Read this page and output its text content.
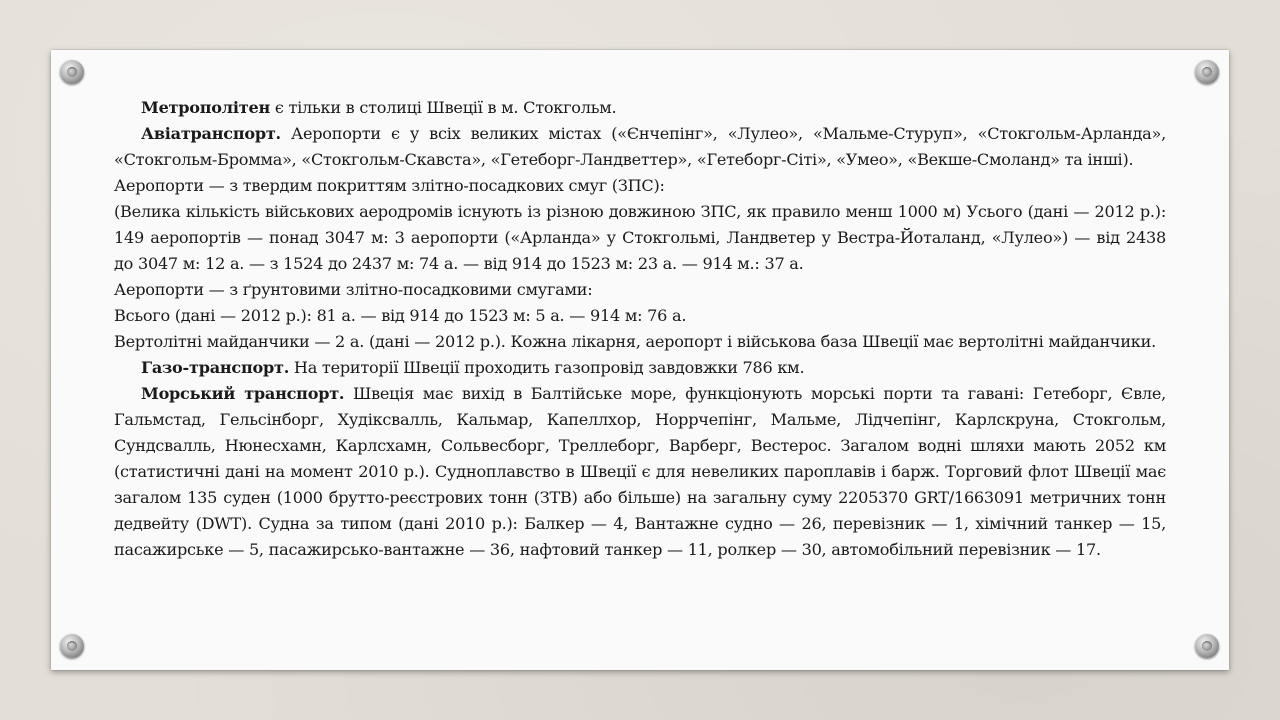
Метрополітен є тільки в столиці Швеції в м. Стокгольм.

Авіатранспорт. Аеропорти є у всіх великих містах («Єнчепінг», «Лулео», «Мальме-Стуруп», «Стокгольм-Арланда», «Стокгольм-Бромма», «Стокгольм-Скавста», «Гетеборг-Ландветтер», «Гетеборг-Сіті», «Умео», «Векше-Смоланд» та інші).

Аеропорти — з твердим покриттям злітно-посадкових смуг (ЗПС):

(Велика кількість військових аеродромів існують із різною довжиною ЗПС, як правило менш 1000 м) Усього (дані — 2012 р.): 149 аеропортів — понад 3047 м: 3 аеропорти («Арланда» у Стокгольмі, Ландветер у Вестра-Йоталанд, «Лулео») — від 2438 до 3047 м: 12 а. — з 1524 до 2437 м: 74 а. — від 914 до 1523 м: 23 а. — 914 м.: 37 а.

Аеропорти — з ґрунтовими злітно-посадковими смугами:

Всього (дані — 2012 р.): 81 а. — від 914 до 1523 м: 5 а. — 914 м: 76 а.

Вертолітні майданчики — 2 а. (дані — 2012 р.). Кожна лікарня, аеропорт і військова база Швеції має вертолітні майданчики.

Газо-транспорт. На території Швеції проходить газопровід завдовжки 786 км.

Морський транспорт. Швеція має вихід в Балтійське море, функціонують морські порти та гавані: Гетеборг, Євле, Гальмстад, Гельсінборг, Худіксвалль, Кальмар, Капеллхор, Норрчепінг, Мальме, Лідчепінг, Карлскруна, Стокгольм, Сундсвалль, Нюнесхамн, Карлсхамн, Сольвесборг, Треллеборг, Варберг, Вестерос. Загалом водні шляхи мають 2052 км (статистичні дані на момент 2010 р.). Судноплавство в Швеції є для невеликих пароплавів і барж. Торговий флот Швеції має загалом 135 суден (1000 брутто-реєстрових тонн (ЗТВ) або більше) на загальну суму 2205370 GRT/1663091 метричних тонн дедвейту (DWT). Судна за типом (дані 2010 р.): Балкер — 4, Вантажне судно — 26, перевізник — 1, хімічний танкер — 15, пасажирське — 5, пасажирсько-вантажне — 36, нафтовий танкер — 11, ролкер — 30, автомобільний перевізник — 17.
